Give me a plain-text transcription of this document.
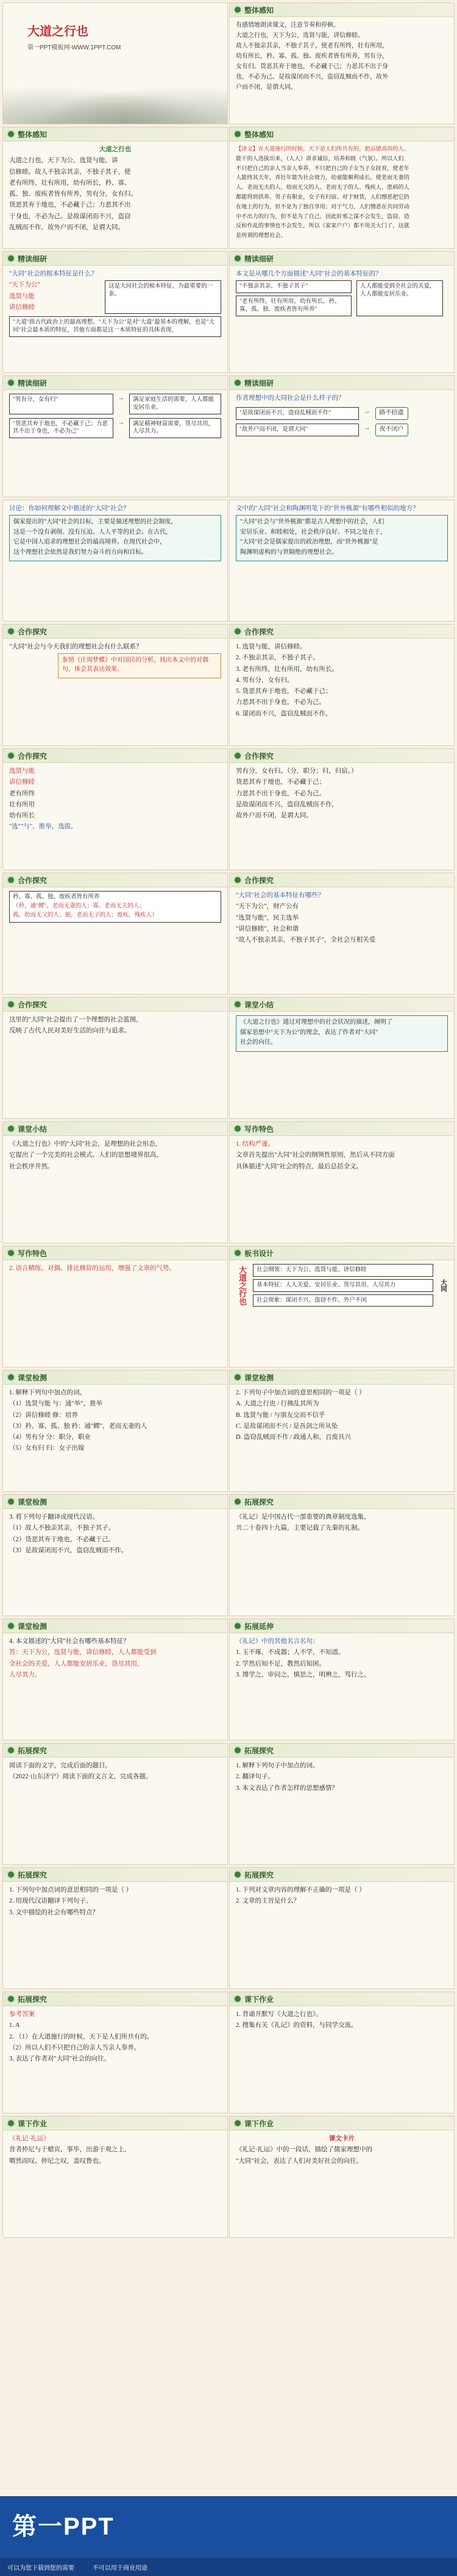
大道之行也
第一PPT模板网-WWW.1PPT.COM
整体感知

有感情地朗读课文，注意节奏和停顿。

大道之行也，天下为公，选贤与能，讲信修睦。

故人不独亲其亲，不独子其子，使老有所终，壮有所用，

幼有所长，矜、寡、孤、独、废疾者皆有所养，男有分，

女有归。货恶其弃于地也，不必藏于己；力恶其不出于身

也，不必为己。是故谋闭而不兴，盗窃乱贼而不作，故外

户而不闭，是谓大同。

整体感知

大道之行也

大道之行也，天下为公，选贤与能，讲

信修睦。故人不独亲其亲，不独子其子，使

老有所终，壮有所用，幼有所长，矜、寡、

孤、独、废疾者皆有所养，男有分，女有归。

货恶其弃于地也，不必藏于己；力恶其不出

于身也，不必为己。是故谋闭而不兴，盗窃

乱贼而不作，故外户而不闭，是谓大同。

整体感知

【译文】在大道施行的时候，天下是人们所共有的，把品德高尚的人、

能干的人选拔出来，（人人）讲求诚信，培养和睦（气氛）。所以人们

不只把自己的亲人当亲人奉养，不只把自己的子女当子女抚育，使老年

人能终其天年，青壮年能为社会效力，幼童能顺利成长，使老而无妻的

人、老而无夫的人、幼而无父的人、老而无子的人、残疾人、患病的人

都能得到供养。男子有职业，女子有归宿。对于财货，人们憎恶把它扔

在地上的行为，但不是为了独自享用；对于气力，人们憎恶在共同劳动

中不出力的行为，但不是为了自己。因此奸邪之谋不会发生，盗窃、造

反和作乱的事情也不会发生，所以（家家户户）都不用关大门了，这就

是所谓的理想社会。

精读细研

"大同"社会的根本特征是什么？

"天下为公"

选贤与能

讲信修睦

这是大同社会的根本特征，为最重要的一条。
"大道"指古代政治上的最高理想。"天下为公"是对"大道"最基本的理解，也是"大同"社会最本质的特征，其他方面都是这一本质特征的具体表现，
精读细研

本文是从哪几个方面描述"大同"社会的基本特征的？

"不独亲其亲，不独子其子"
"老有所终，壮有所用，幼有所长，矜、寡、孤、独、废疾者皆有所养"
人人都能受到全社会的关爱，人人都能安居乐业。
精读细研
"男有分，女有归"	→	满足家庭生活的需要，人人都能安居乐业。
"货恶其弃于地也，不必藏于己；力恶其不出于身也，不必为己"
→	满足精神财富需要，货尽其用，人尽其力。
精读细研

作者理想中的大同社会是什么样子的？

"是故谋闭而不兴，盗窃乱贼而不作"	→	路不拾遗
"故外户而不闭，是谓大同"	→	夜不闭户

讨论：你如何理解文中描述的"大同"社会？

儒家提出的"大同"社会的目标，主要是描述理想的社会制度，

这是一个没有剥削、没有压迫、人人平等的社会。在古代，

它是中国人追求的理想社会的最高境界。在现代社会中，

这个理想社会依然是我们努力奋斗的方向和目标。

文中的"大同"社会和陶渊明笔下的"世外桃源"有哪些相似的地方？

"大同"社会与"世外桃源"都是古人理想中的社会，人们

安居乐业、和睦相处，社会秩序良好。不同之处在于，

"大同"社会是儒家提出的政治理想，而"世外桃源"是

陶渊明虚构的与世隔绝的理想社会。

合作探究

"大同"社会与今天我们的理想社会有什么联系？

参照《庄周梦蝶》中对国民的分析，找出本文中的对偶句，体会其表达效果。

合作探究

1. 选贤与能，讲信修睦。

2. 不独亲其亲，不独子其子。

3. 老有所终，壮有所用，幼有所长。

4. 男有分，女有归。

5. 货恶其弃于地也，不必藏于己；

力恶其不出于身也，不必为己。

6. 谋闭而不兴，盗窃乱贼而不作。

合作探究

选贤与能

讲信修睦

老有所终

壮有所用

幼有所长

"选""与"，推举，选拔。

合作探究

男有分，女有归。（分，职分；归，归宿。）

货恶其弃于地也，不必藏于己；

力恶其不出于身也，不必为己。

是故谋闭而不兴，盗窃乱贼而不作，

故外户而不闭，是谓大同。

合作探究

矜、寡、孤、独、废疾者皆有所养

（矜，通"鳏"，老而无妻的人；寡，老而无夫的人；

孤，幼而无父的人；独，老而无子的人；废疾，残疾人）

合作探究

"大同"社会的基本特征有哪些？

"天下为公"，财产公有

"选贤与能"，民主选举

"讲信修睦"，社会和谐

"故人不独亲其亲，不独子其子"，全社会互相关爱

合作探究

这里的"大同"社会提出了一个理想的社会蓝图，

反映了古代人民对美好生活的向往与追求。

课堂小结

《大道之行也》通过对理想中的社会状况的描述，阐明了

儒家思想中"天下为公"的理念，表达了作者对"大同"

社会的向往。

课堂小结

《大道之行也》中的"大同"社会，是理想的社会形态，

它提出了一个完美的社会模式。人们的思想境界很高，

社会秩序井然。

写作特色

1. 结构严谨。

文章首先提出"大同"社会的纲领性原则，然后从不同方面

具体描述"大同"社会的特点，最后总括全文。

写作特色

2. 语言精练，对偶、排比修辞的运用，增强了文章的气势。

板书设计
大道之行也	社会纲领：天下为公、选贤与能、讲信修睦
基本特征：人人关爱、安居乐业、货尽其用、人尽其力
社会现象：谋闭不兴、盗窃不作、外户不闭
大同
课堂检测

1. 解释下列句中加点的词。

（1）选贤与能 与：通"举"，推举

（2）讲信修睦 修：培养

（3）矜、寡、孤、独 矜：通"鳏"，老而无妻的人

（4）男有分 分：职分，职业

（5）女有归 归：女子出嫁

课堂检测

2. 下列句子中加点词的意思相同的一项是（ ）

A. 大道之行也 / 行拂乱其所为

B. 选贤与能 / 与朋友交而不信乎

C. 是故谋闭而不兴 / 是吾剑之所从坠

D. 盗窃乱贼而不作 / 政通人和，百废具兴

课堂检测

3. 将下列句子翻译成现代汉语。

（1）故人不独亲其亲，不独子其子。

（2）货恶其弃于地也，不必藏于己。

（3）是故谋闭而不兴，盗窃乱贼而不作。

拓展探究

《礼记》是中国古代一部重要的典章制度选集，

共二十卷四十九篇，主要记载了先秦的礼制。

课堂检测

4. 本文描述的"大同"社会有哪些基本特征？

答：天下为公，选贤与能，讲信修睦，人人都能受到

全社会的关爱，人人都能安居乐业，货尽其用，

人尽其力。

拓展延伸

《礼记》中的其他名言名句：

1. 玉不琢，不成器；人不学，不知道。

2. 学然后知不足，教然后知困。

3. 博学之，审问之，慎思之，明辨之，笃行之。

拓展探究

阅读下面的文字，完成后面的题目。

（2022·山东济宁）阅读下面的文言文，完成各题。

拓展探究

1. 解释下列句子中加点的词。

2. 翻译句子。

3. 本文表达了作者怎样的思想感情？

拓展探究

1. 下列句中加点词的意思相同的一项是（ ）

2. 用现代汉语翻译下列句子。

3. 文中描绘的社会有哪些特点？

拓展探究

1. 下列对文章内容的理解不正确的一项是（ ）

2. 文章的主旨是什么？

拓展探究

参考答案

1. A

2. （1）在大道施行的时候，天下是人们所共有的。

（2）所以人们不只把自己的亲人当亲人奉养。

3. 表达了作者对"大同"社会的向往。

课下作业

1. 背诵并默写《大道之行也》。

2. 搜集有关《礼记》的资料，与同学交流。

课下作业

《礼记·礼运》

昔者仲尼与于蜡宾，事毕，出游于观之上，

喟然而叹。仲尼之叹，盖叹鲁也。

课下作业

课文卡片

《礼记·礼运》中的一段话，描绘了儒家理想中的

"大同"社会，表达了人们对美好社会的向往。

第一PPT
可以为您下载到您的需要	不可以用于商业用途
